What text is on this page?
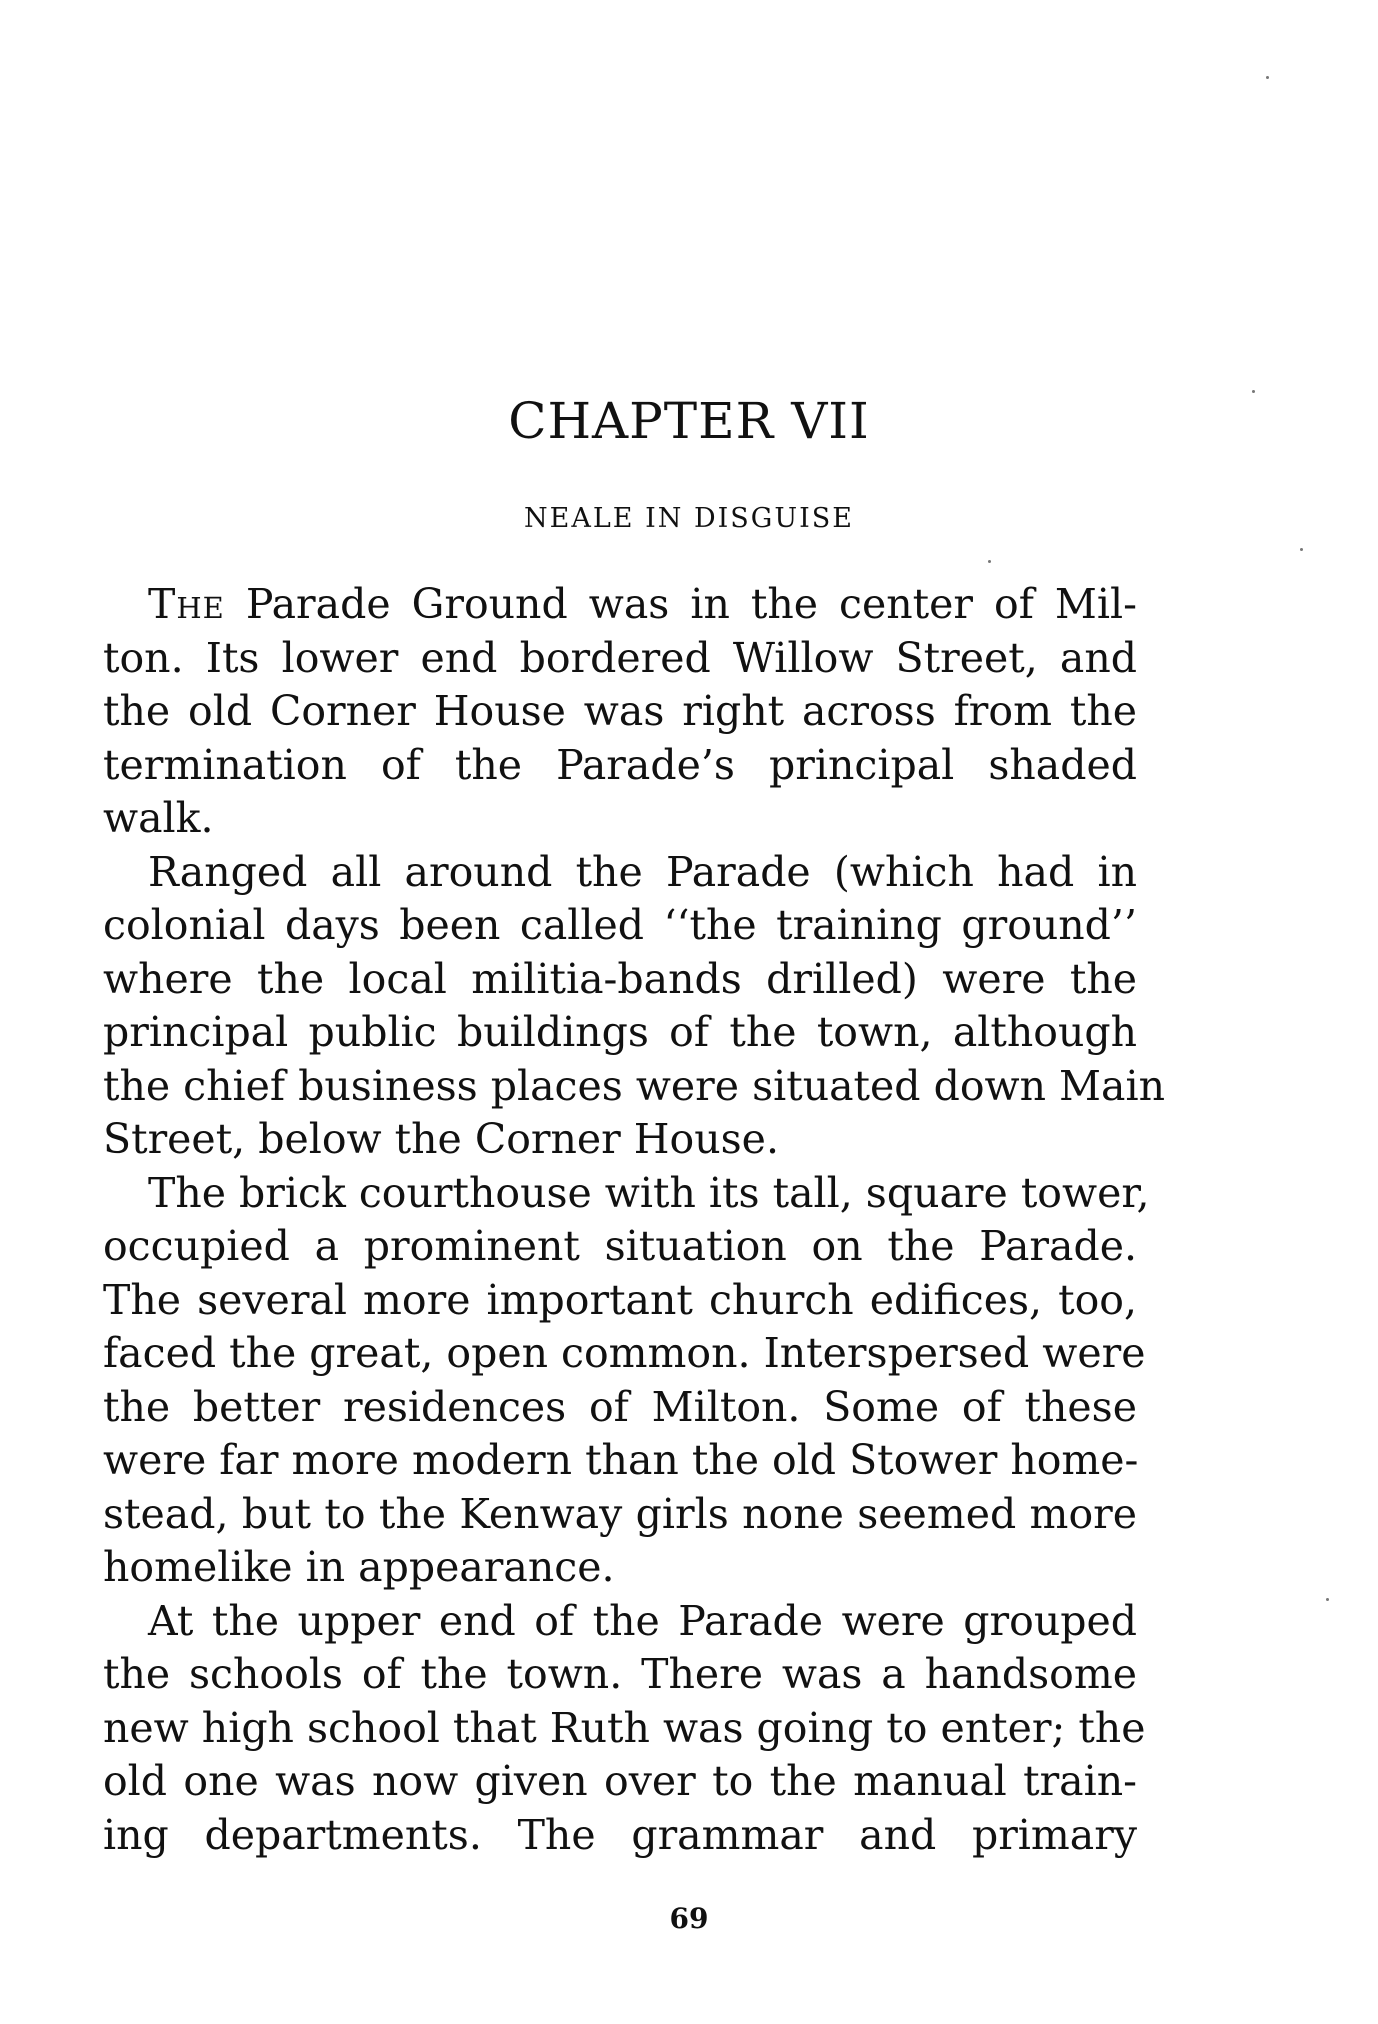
CHAPTER VII
NEALE IN DISGUISE
The Parade Ground was in the center of Mil-
ton. Its lower end bordered Willow Street, and
the old Corner House was right across from the
termination of the Parade’s principal shaded
walk.
Ranged all around the Parade (which had in
colonial days been called ‘‘the training ground’’
where the local militia-bands drilled) were the
principal public buildings of the town, although
the chief business places were situated down Main
Street, below the Corner House.
The brick courthouse with its tall, square tower,
occupied a prominent situation on the Parade.
The several more important church edifices, too,
faced the great, open common. Interspersed were
the better residences of Milton. Some of these
were far more modern than the old Stower home-
stead, but to the Kenway girls none seemed more
homelike in appearance.
At the upper end of the Parade were grouped
the schools of the town. There was a handsome
new high school that Ruth was going to enter; the
old one was now given over to the manual train-
ing departments. The grammar and primary
69
